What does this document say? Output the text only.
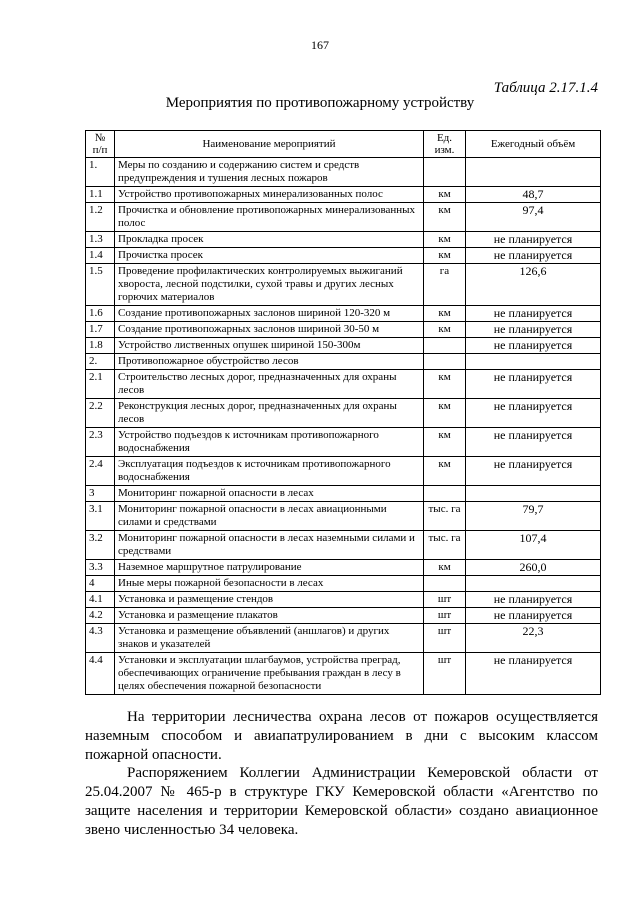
167
Таблица 2.17.1.4
Мероприятия по противопожарному устройству
№ п/п	Наименование мероприятий	Ед. изм.	Ежегодный объём
1.	Меры по созданию и содержанию систем и средств предупреждения и тушения лесных пожаров		
1.1	Устройство противопожарных минерализованных полос	км	48,7
1.2	Прочистка и обновление противопожарных минерализованных полос	км	97,4
1.3	Прокладка просек	км	не планируется
1.4	Прочистка просек	км	не планируется
1.5	Проведение профилактических контролируемых выжиганий хвороста, лесной подстилки, сухой травы и других лесных горючих материалов	га	126,6
1.6	Создание противопожарных заслонов шириной 120-320 м	км	не планируется
1.7	Создание противопожарных заслонов шириной 30-50 м	км	не планируется
1.8	Устройство лиственных опушек шириной 150-300м		не планируется
2.	Противопожарное обустройство лесов		
2.1	Строительство лесных дорог, предназначенных для охраны лесов	км	не планируется
2.2	Реконструкция лесных дорог, предназначенных для охраны лесов	км	не планируется
2.3	Устройство подъездов к источникам противопожарного водоснабжения	км	не планируется
2.4	Эксплуатация подъездов к источникам противопожарного водоснабжения	км	не планируется
3	Мониторинг пожарной опасности в лесах		
3.1	Мониторинг пожарной опасности в лесах авиационными силами и средствами	тыс. га	79,7
3.2	Мониторинг пожарной опасности в лесах наземными силами и средствами	тыс. га	107,4
3.3	Наземное маршрутное патрулирование	км	260,0
4	Иные меры пожарной безопасности в лесах		
4.1	Установка и размещение стендов	шт	не планируется
4.2	Установка и размещение плакатов	шт	не планируется
4.3	Установка и размещение объявлений (аншлагов) и других знаков и указателей	шт	22,3
4.4	Установки и эксплуатации шлагбаумов, устройства преград, обеспечивающих ограничение пребывания граждан в лесу в целях обеспечения пожарной безопасности	шт	не планируется
На территории лесничества охрана лесов от пожаров осуществляется наземным способом и авиапатрулированием в дни с высоким классом пожарной опасности.
Распоряжением Коллегии Администрации Кемеровской области от 25.04.2007 № 465-р в структуре ГКУ Кемеровской области «Агентство по защите населения и территории Кемеровской области» создано авиационное звено численностью 34 человека.
